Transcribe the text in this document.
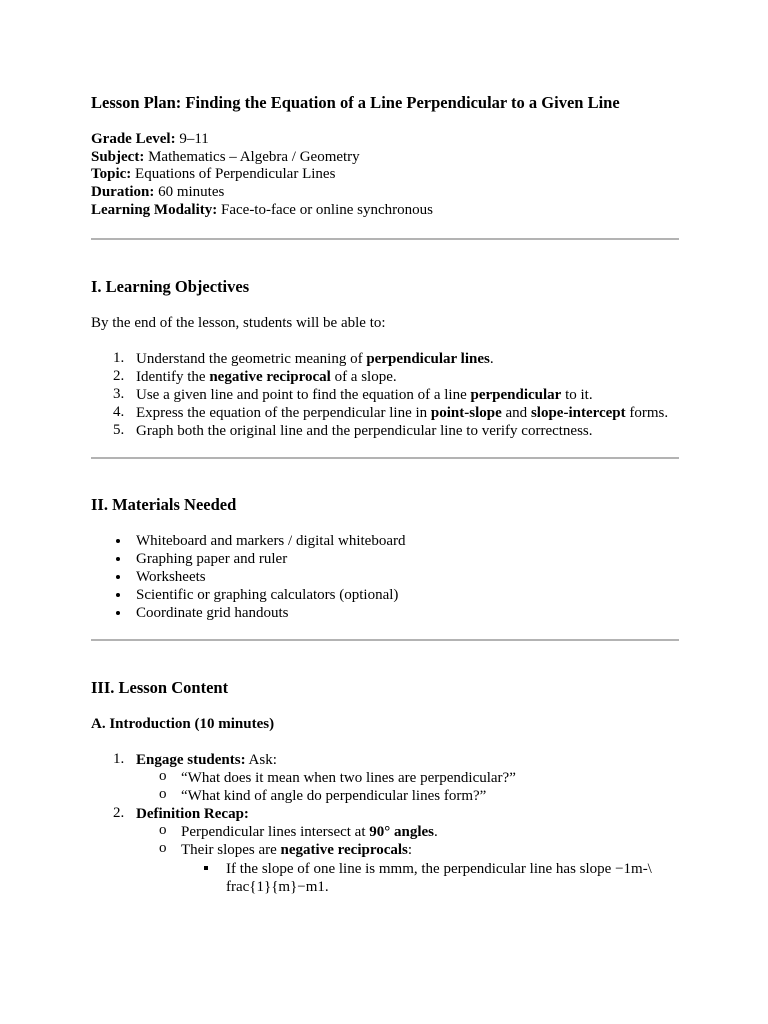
Lesson Plan: Finding the Equation of a Line Perpendicular to a Given Line
Grade Level: 9–11
Subject: Mathematics – Algebra / Geometry
Topic: Equations of Perpendicular Lines
Duration: 60 minutes
Learning Modality: Face-to-face or online synchronous
I. Learning Objectives
By the end of the lesson, students will be able to:
1. Understand the geometric meaning of perpendicular lines.
2. Identify the negative reciprocal of a slope.
3. Use a given line and point to find the equation of a line perpendicular to it.
4. Express the equation of the perpendicular line in point-slope and slope-intercept forms.
5. Graph both the original line and the perpendicular line to verify correctness.
II. Materials Needed
Whiteboard and markers / digital whiteboard
Graphing paper and ruler
Worksheets
Scientific or graphing calculators (optional)
Coordinate grid handouts
III. Lesson Content
A. Introduction (10 minutes)
1. Engage students: Ask:
o “What does it mean when two lines are perpendicular?”
o “What kind of angle do perpendicular lines form?”
2. Definition Recap:
o Perpendicular lines intersect at 90° angles.
o Their slopes are negative reciprocals:
If the slope of one line is mmm, the perpendicular line has slope −1m-\
frac{1}{m}−m1.
